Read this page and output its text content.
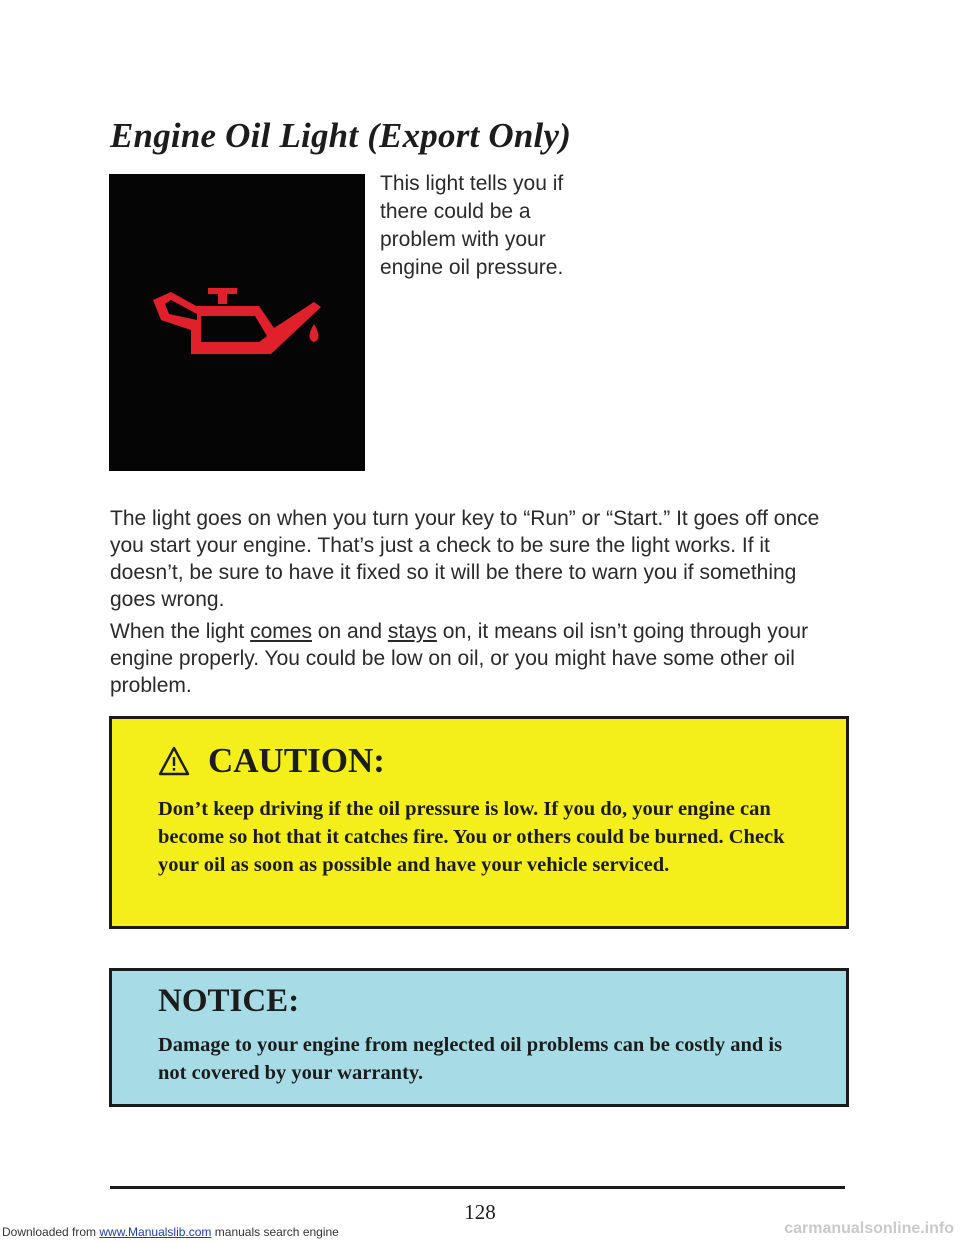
Engine Oil Light (Export Only)

This light tells you if there could be a problem with your engine oil pressure.

The light goes on when you turn your key to “Run” or “Start.” It goes off once you start your engine. That’s just a check to be sure the light works. If it doesn’t, be sure to have it fixed so it will be there to warn you if something goes wrong.

When the light comes on and stays on, it means oil isn’t going through your engine properly. You could be low on oil, or you might have some other oil problem.

CAUTION:

Don’t keep driving if the oil pressure is low. If you do, your engine can become so hot that it catches fire. You or others could be burned. Check your oil as soon as possible and have your vehicle serviced.

NOTICE:

Damage to your engine from neglected oil problems can be costly and is not covered by your warranty.

128

Downloaded from www.Manualslib.com manuals search engine	carmanualsonline.info
